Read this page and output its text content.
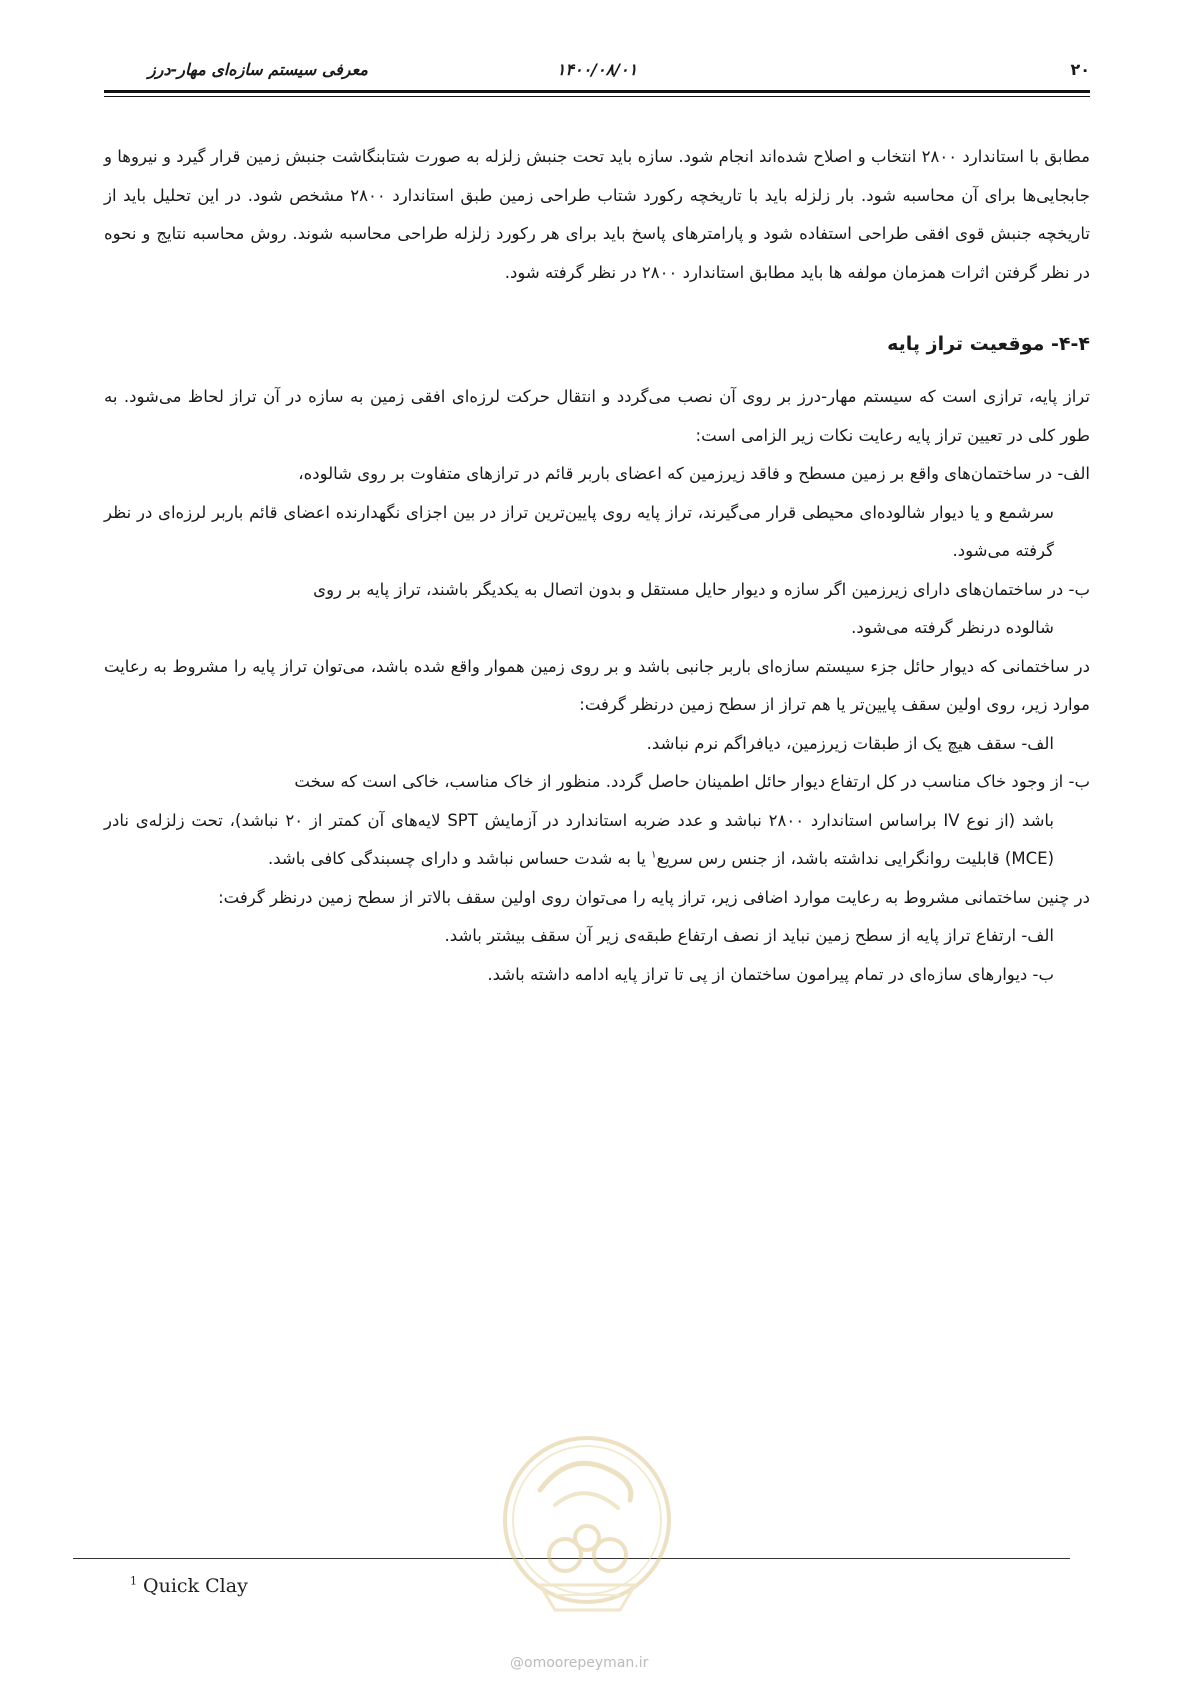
۲۰
۱۴۰۰/۰۸/۰۱
معرفی سیستم سازه‌ای مهار-درز

مطابق با استاندارد ۲۸۰۰ انتخاب و اصلاح شده‌اند انجام شود. سازه باید تحت جنبش زلزله به صورت شتابنگاشت جنبش زمین قرار گیرد و نیروها و جابجایی‌ها برای آن محاسبه شود. بار زلزله باید با تاریخچه رکورد شتاب طراحی زمین طبق استاندارد ۲۸۰۰ مشخص شود. در این تحلیل باید از تاریخچه جنبش قوی افقی طراحی استفاده شود و پارامترهای پاسخ باید برای هر رکورد زلزله طراحی محاسبه شوند. روش محاسبه نتایج و نحوه در نظر گرفتن اثرات همزمان مولفه ها باید مطابق استاندارد ۲۸۰۰ در نظر گرفته شود.

۴-۴- موقعیت تراز پایه

تراز پایه، ترازی است که سیستم مهار-درز بر روی آن نصب می‌گردد و انتقال حرکت لرزه‌ای افقی زمین به سازه در آن تراز لحاظ می‌شود. به طور کلی در تعیین تراز پایه رعایت نکات زیر الزامی است:

الف- در ساختمان‌های واقع بر زمین مسطح و فاقد زیرزمین که اعضای باربر قائم در ترازهای متفاوت بر روی شالوده،
سرشمع و یا دیوار شالوده‌ای محیطی قرار می‌گیرند، تراز پایه روی پایین‌ترین تراز در بین اجزای نگهدارنده اعضای قائم باربر لرزه‌ای در نظر گرفته می‌شود.

ب- در ساختمان‌های دارای زیرزمین اگر سازه و دیوار حایل مستقل و بدون اتصال به یکدیگر باشند، تراز پایه بر روی
شالوده درنظر گرفته می‌شود.

در ساختمانی که دیوار حائل جزء سیستم سازه‌ای باربر جانبی باشد و بر روی زمین هموار واقع شده باشد، می‌توان تراز پایه را مشروط به رعایت موارد زیر، روی اولین سقف پایین‌تر یا هم تراز از سطح زمین درنظر گرفت:

الف- سقف هیچ یک از طبقات زیرزمین، دیافراگم نرم نباشد.

ب- از وجود خاک مناسب در کل ارتفاع دیوار حائل اطمینان حاصل گردد. منظور از خاک مناسب، خاکی است که سخت
باشد (از نوع IV براساس استاندارد ۲۸۰۰ نباشد و عدد ضربه استاندارد در آزمایش SPT لایه‌های آن کمتر از ۲۰ نباشد)، تحت زلزله‌ی نادر (MCE) قابلیت روانگرایی نداشته باشد، از جنس رس سریع$^۱$ یا به شدت حساس نباشد و دارای چسبندگی کافی باشد.

در چنین ساختمانی مشروط به رعایت موارد اضافی زیر، تراز پایه را می‌توان روی اولین سقف بالاتر از سطح زمین درنظر گرفت:

الف- ارتفاع تراز پایه از سطح زمین نباید از نصف ارتفاع طبقه‌ی زیر آن سقف بیشتر باشد.

ب- دیوارهای سازه‌ای در تمام پیرامون ساختمان از پی تا تراز پایه ادامه داشته باشد.

$^1$ Quick Clay
@omoorepeyman.ir
